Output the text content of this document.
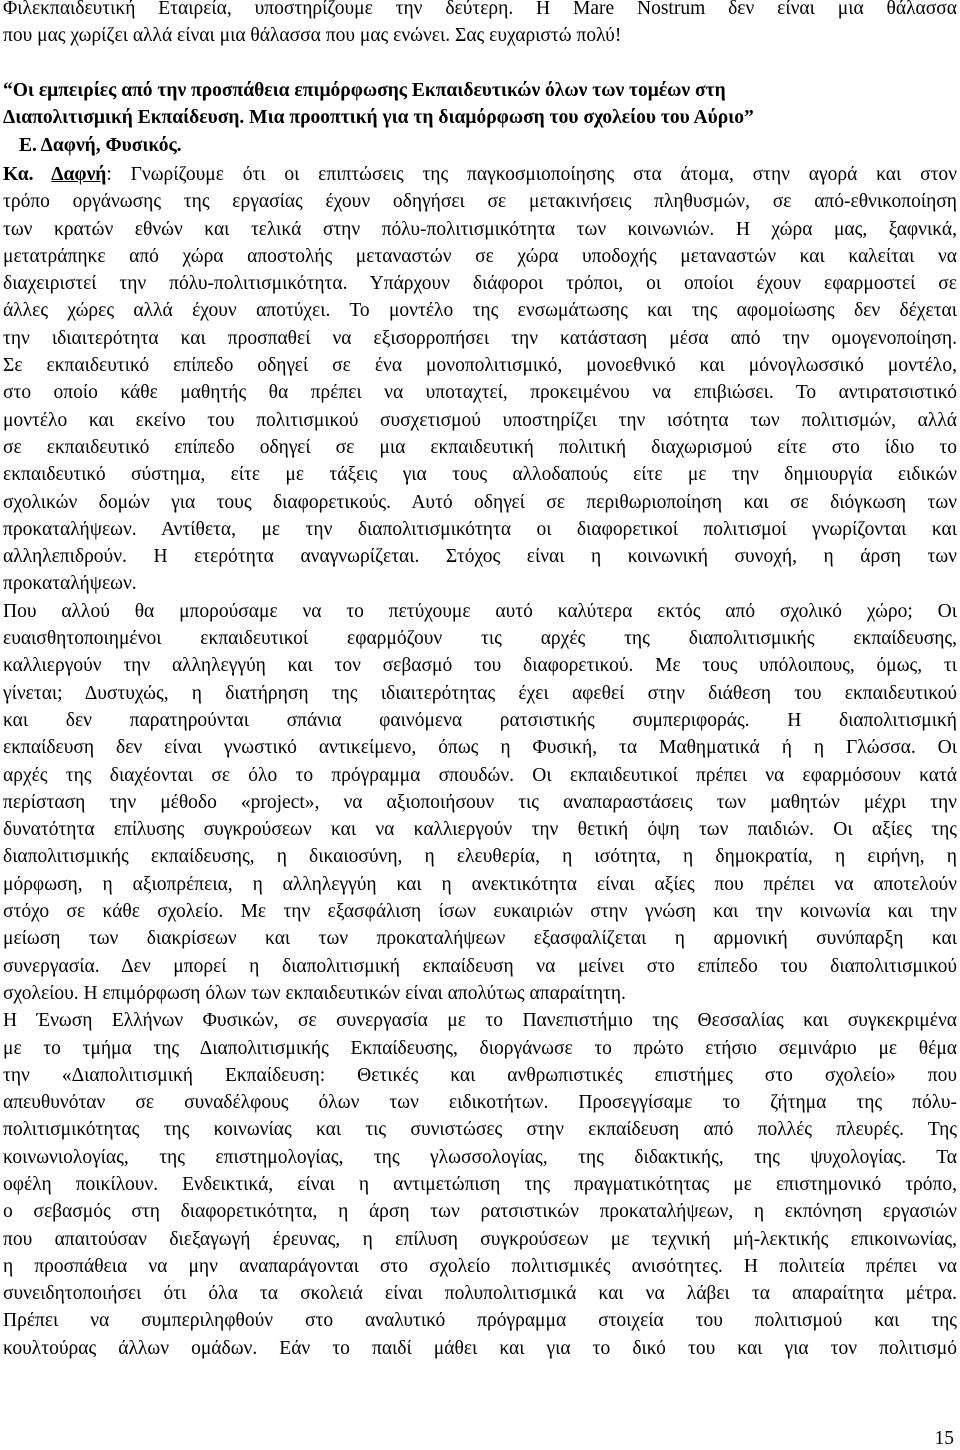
Φιλεκπαιδευτική Εταιρεία, υποστηρίζουμε την δεύτερη. Η Mare Nostrum δεν είναι μια θάλασσα
που μας χωρίζει αλλά είναι μια θάλασσα που μας ενώνει. Σας ευχαριστώ πολύ!
“Οι εμπειρίες από την προσπάθεια επιμόρφωσης Εκπαιδευτικών όλων των τομέων στη
Διαπολιτισμική Εκπαίδευση. Μια προοπτική για τη διαμόρφωση του σχολείου του Αύριο”
Ε. Δαφνή, Φυσικός.
Κα. Δαφνή: Γνωρίζουμε ότι οι επιπτώσεις της παγκοσμιοποίησης στα άτομα, στην αγορά και στον
τρόπο οργάνωσης της εργασίας έχουν οδηγήσει σε μετακινήσεις πληθυσμών, σε από-εθνικοποίηση
των κρατών εθνών και τελικά στην πόλυ-πολιτισμικότητα των κοινωνιών. Η χώρα μας, ξαφνικά,
μετατράπηκε από χώρα αποστολής μεταναστών σε χώρα υποδοχής μεταναστών και καλείται να
διαχειριστεί την πόλυ-πολιτισμικότητα. Υπάρχουν διάφοροι τρόποι, οι οποίοι έχουν εφαρμοστεί σε
άλλες χώρες αλλά έχουν αποτύχει. Το μοντέλο της ενσωμάτωσης και της αφομοίωσης δεν δέχεται
την ιδιαιτερότητα και προσπαθεί να εξισορροπήσει την κατάσταση μέσα από την ομογενοποίηση.
Σε εκπαιδευτικό επίπεδο οδηγεί σε ένα μονοπολιτισμικό, μονοεθνικό και μόνογλωσσικό μοντέλο,
στο οποίο κάθε μαθητής θα πρέπει να υποταχτεί, προκειμένου να επιβιώσει. Το αντιρατσιστικό
μοντέλο και εκείνο του πολιτισμικού συσχετισμού υποστηρίζει την ισότητα των πολιτισμών, αλλά
σε εκπαιδευτικό επίπεδο οδηγεί σε μια εκπαιδευτική πολιτική διαχωρισμού είτε στο ίδιο το
εκπαιδευτικό σύστημα, είτε με τάξεις για τους αλλοδαπούς είτε με την δημιουργία ειδικών
σχολικών δομών για τους διαφορετικούς. Αυτό οδηγεί σε περιθωριοποίηση και σε διόγκωση των
προκαταλήψεων. Αντίθετα, με την διαπολιτισμικότητα οι διαφορετικοί πολιτισμοί γνωρίζονται και
αλληλεπιδρούν. Η ετερότητα αναγνωρίζεται. Στόχος είναι η κοινωνική συνοχή, η άρση των
προκαταλήψεων.
Που αλλού θα μπορούσαμε να το πετύχουμε αυτό καλύτερα εκτός από σχολικό χώρο; Οι
ευαισθητοποιημένοι εκπαιδευτικοί εφαρμόζουν τις αρχές της διαπολιτισμικής εκπαίδευσης,
καλλιεργούν την αλληλεγγύη και τον σεβασμό του διαφορετικού. Με τους υπόλοιπους, όμως, τι
γίνεται; Δυστυχώς, η διατήρηση της ιδιαιτερότητας έχει αφεθεί στην διάθεση του εκπαιδευτικού
και δεν παρατηρούνται σπάνια φαινόμενα ρατσιστικής συμπεριφοράς. Η διαπολιτισμική
εκπαίδευση δεν είναι γνωστικό αντικείμενο, όπως η Φυσική, τα Μαθηματικά ή η Γλώσσα. Οι
αρχές της διαχέονται σε όλο το πρόγραμμα σπουδών. Οι εκπαιδευτικοί πρέπει να εφαρμόσουν κατά
περίσταση την μέθοδο «project», να αξιοποιήσουν τις αναπαραστάσεις των μαθητών μέχρι την
δυνατότητα επίλυσης συγκρούσεων και να καλλιεργούν την θετική όψη των παιδιών. Οι αξίες της
διαπολιτισμικής εκπαίδευσης, η δικαιοσύνη, η ελευθερία, η ισότητα, η δημοκρατία, η ειρήνη, η
μόρφωση, η αξιοπρέπεια, η αλληλεγγύη και η ανεκτικότητα είναι αξίες που πρέπει να αποτελούν
στόχο σε κάθε σχολείο. Με την εξασφάλιση ίσων ευκαιριών στην γνώση και την κοινωνία και την
μείωση των διακρίσεων και των προκαταλήψεων εξασφαλίζεται η αρμονική συνύπαρξη και
συνεργασία. Δεν μπορεί η διαπολιτισμική εκπαίδευση να μείνει στο επίπεδο του διαπολιτισμικού
σχολείου. Η επιμόρφωση όλων των εκπαιδευτικών είναι απολύτως απαραίτητη.
Η Ένωση Ελλήνων Φυσικών, σε συνεργασία με το Πανεπιστήμιο της Θεσσαλίας και συγκεκριμένα
με το τμήμα της Διαπολιτισμικής Εκπαίδευσης, διοργάνωσε το πρώτο ετήσιο σεμινάριο με θέμα
την «Διαπολιτισμική Εκπαίδευση: Θετικές και ανθρωπιστικές επιστήμες στο σχολείο» που
απευθυνόταν σε συναδέλφους όλων των ειδικοτήτων. Προσεγγίσαμε το ζήτημα της πόλυ-
πολιτισμικότητας της κοινωνίας και τις συνιστώσες στην εκπαίδευση από πολλές πλευρές. Της
κοινωνιολογίας, της επιστημολογίας, της γλωσσολογίας, της διδακτικής, της ψυχολογίας. Τα
οφέλη ποικίλουν. Ενδεικτικά, είναι η αντιμετώπιση της πραγματικότητας με επιστημονικό τρόπο,
ο σεβασμός στη διαφορετικότητα, η άρση των ρατσιστικών προκαταλήψεων, η εκπόνηση εργασιών
που απαιτούσαν διεξαγωγή έρευνας, η επίλυση συγκρούσεων με τεχνική μή-λεκτικής επικοινωνίας,
η προσπάθεια να μην αναπαράγονται στο σχολείο πολιτισμικές ανισότητες. Η πολιτεία πρέπει να
συνειδητοποιήσει ότι όλα τα σκολειά είναι πολυπολιτισμικά και να λάβει τα απαραίτητα μέτρα.
Πρέπει να συμπεριληφθούν στο αναλυτικό πρόγραμμα στοιχεία του πολιτισμού και της
κουλτούρας άλλων ομάδων. Εάν το παιδί μάθει και για το δικό του και για τον πολιτισμό
15
